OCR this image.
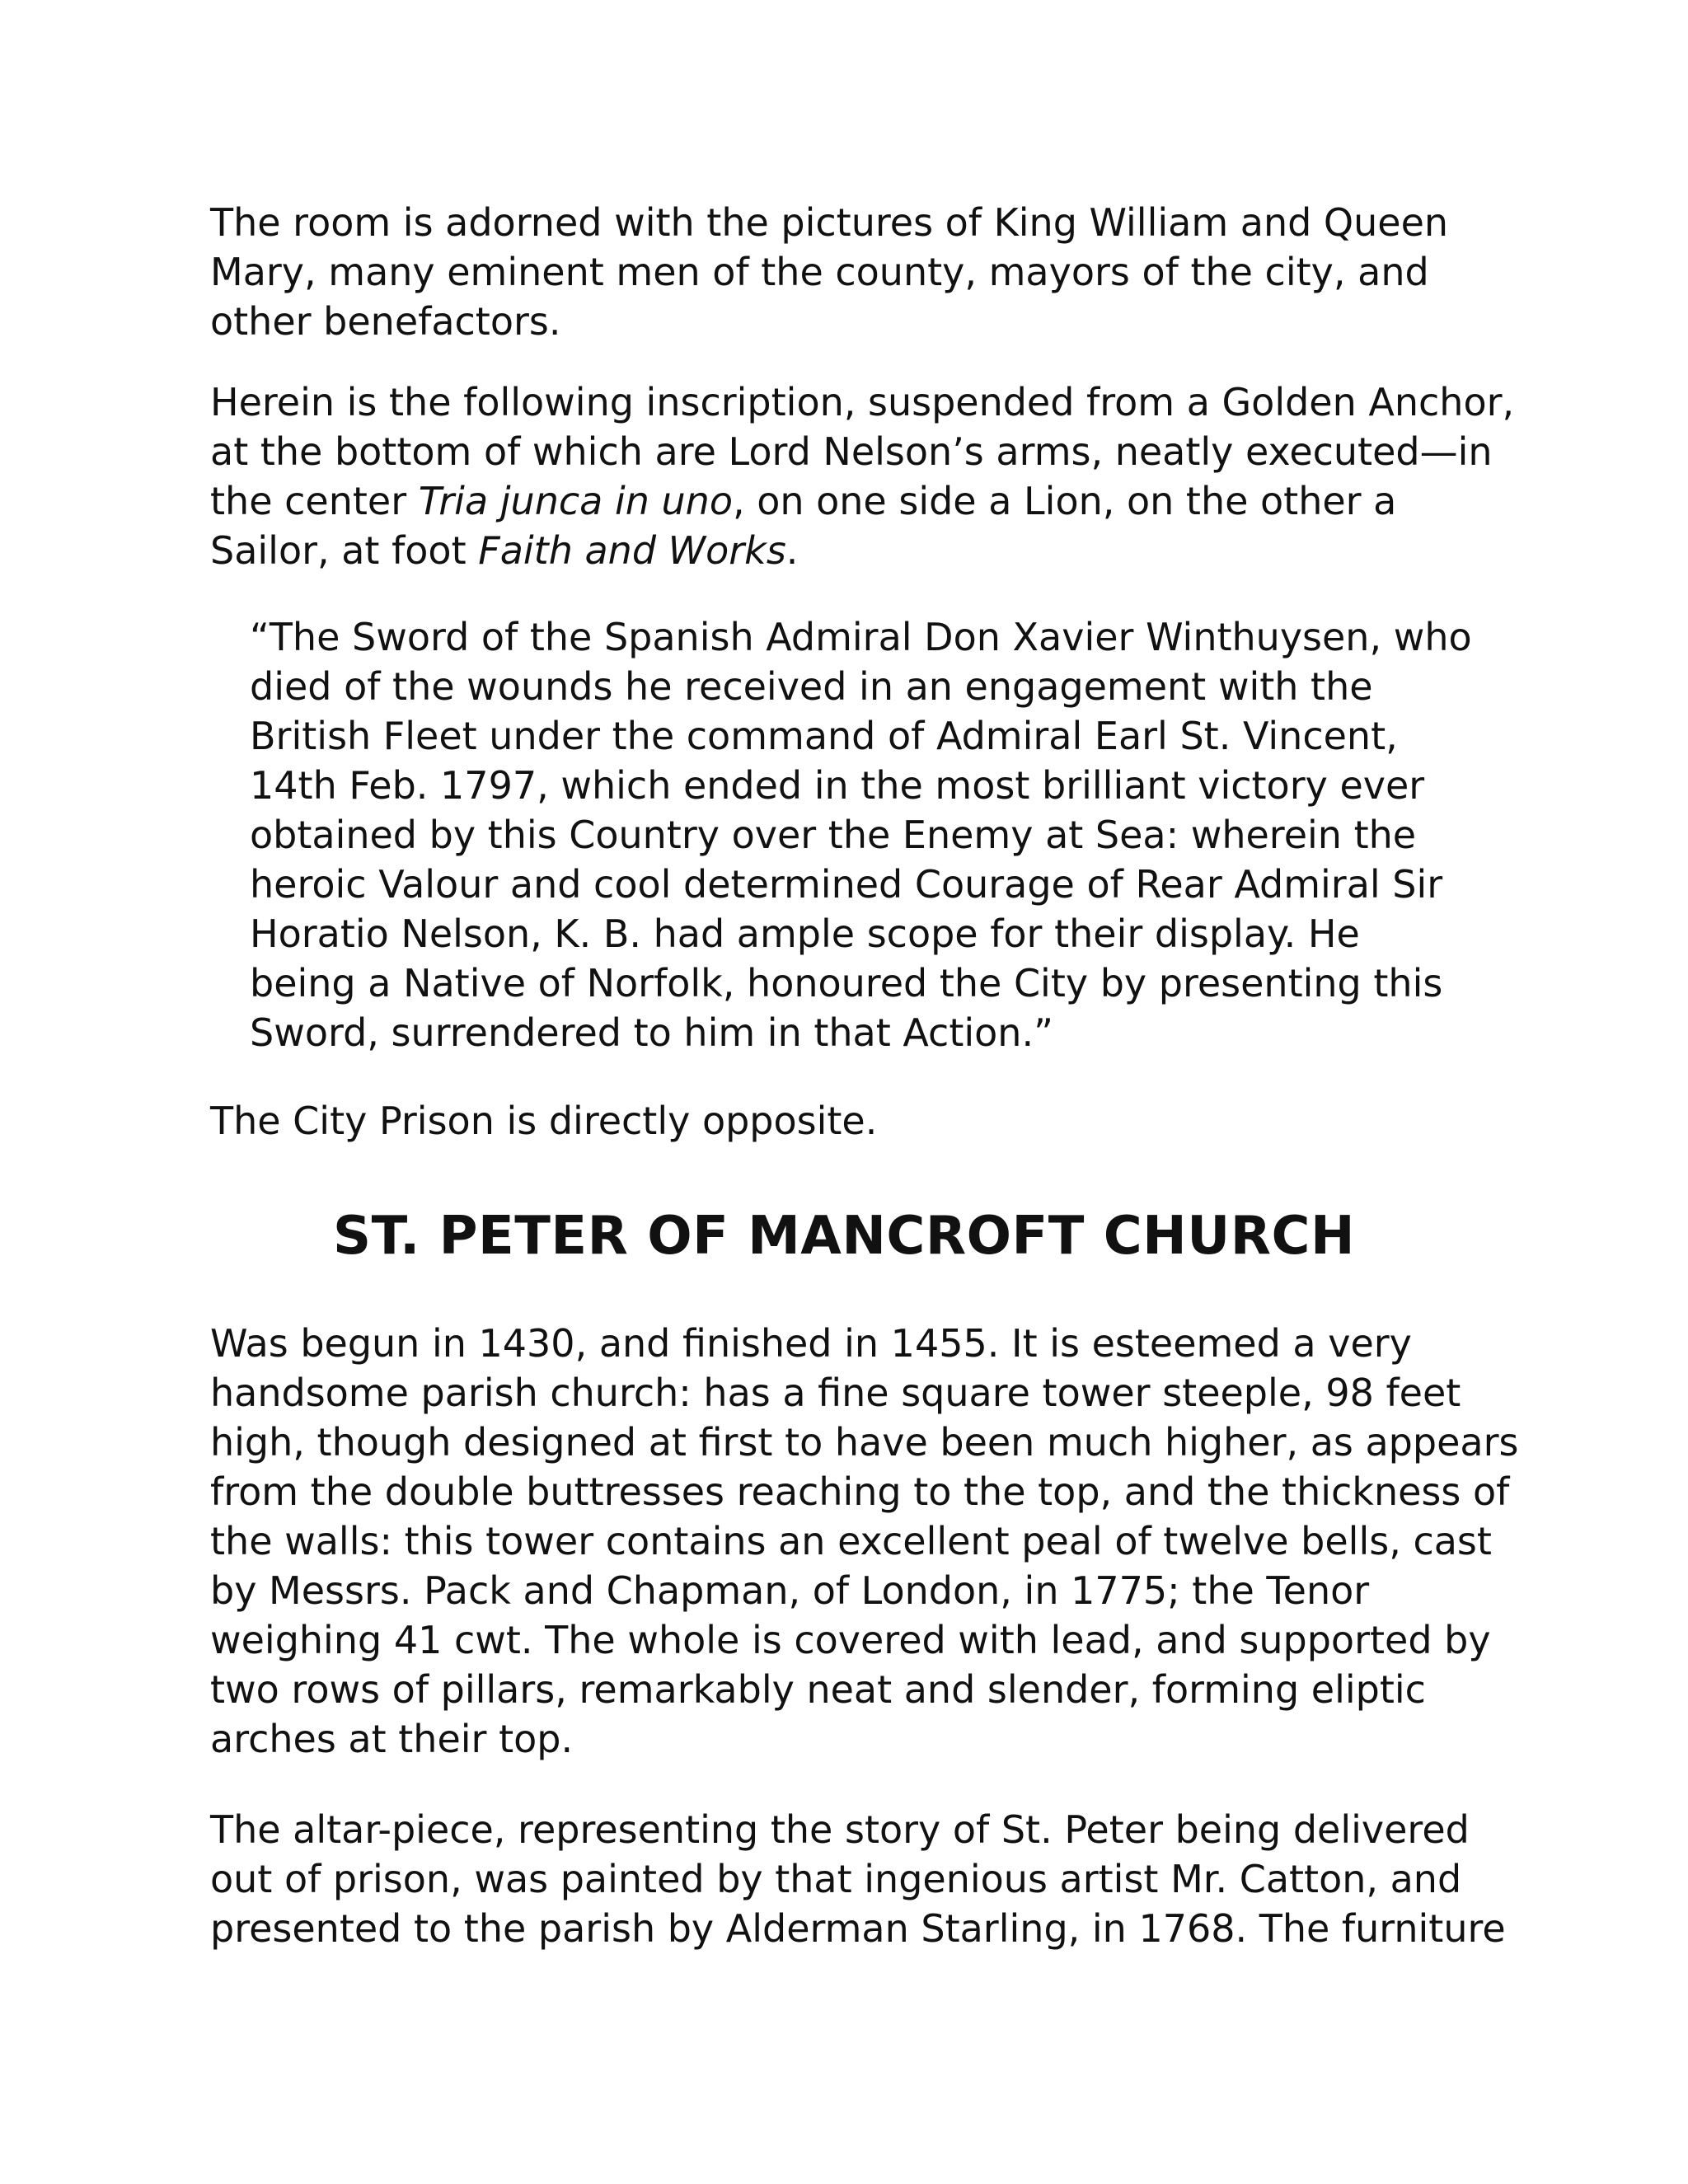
The room is adorned with the pictures of King William and Queen
Mary, many eminent men of the county, mayors of the city, and
other benefactors.

Herein is the following inscription, suspended from a Golden Anchor,
at the bottom of which are Lord Nelson’s arms, neatly executed—in
the center Tria junca in uno, on one side a Lion, on the other a
Sailor, at foot Faith and Works.

“The Sword of the Spanish Admiral Don Xavier Winthuysen, who
died of the wounds he received in an engagement with the
British Fleet under the command of Admiral Earl St. Vincent,
14th Feb. 1797, which ended in the most brilliant victory ever
obtained by this Country over the Enemy at Sea: wherein the
heroic Valour and cool determined Courage of Rear Admiral Sir
Horatio Nelson, K. B. had ample scope for their display. He
being a Native of Norfolk, honoured the City by presenting this
Sword, surrendered to him in that Action.”

The City Prison is directly opposite.

ST. PETER OF MANCROFT CHURCH

Was begun in 1430, and finished in 1455. It is esteemed a very
handsome parish church: has a fine square tower steeple, 98 feet
high, though designed at first to have been much higher, as appears
from the double buttresses reaching to the top, and the thickness of
the walls: this tower contains an excellent peal of twelve bells, cast
by Messrs. Pack and Chapman, of London, in 1775; the Tenor
weighing 41 cwt. The whole is covered with lead, and supported by
two rows of pillars, remarkably neat and slender, forming eliptic
arches at their top.

The altar-piece, representing the story of St. Peter being delivered
out of prison, was painted by that ingenious artist Mr. Catton, and
presented to the parish by Alderman Starling, in 1768. The furniture
